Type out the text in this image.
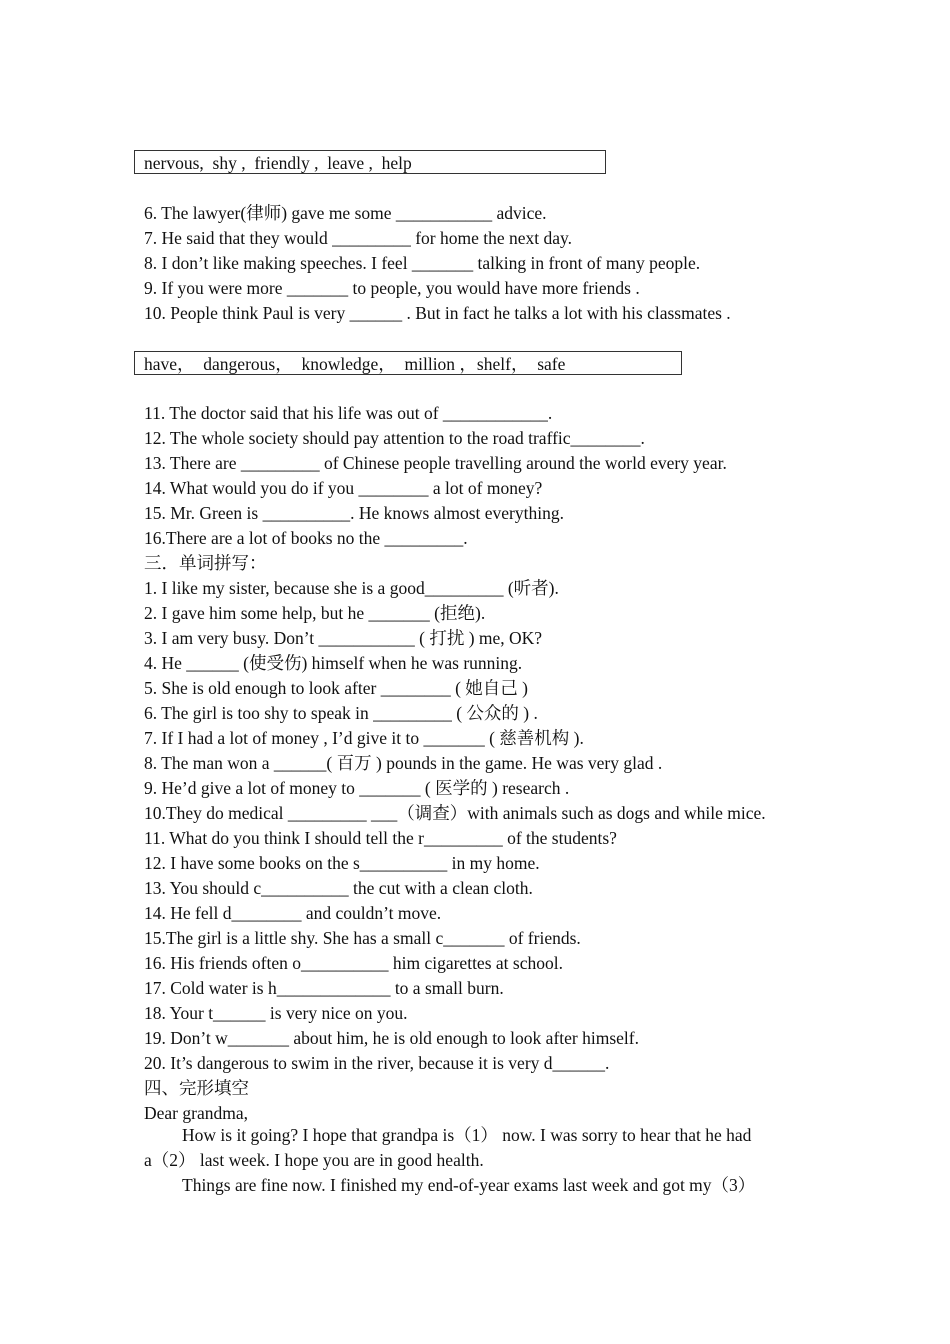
nervous,  shy ,  friendly ,  leave ,  help
6. The lawyer(律师) gave me some ___________ advice.
7. He said that they would _________ for home the next day.
8. I don’t like making speeches. I feel _______ talking in front of many people.
9. If you were more _______ to people, you would have more friends .
10. People think Paul is very ______ . But in fact he talks a lot with his classmates .
have，  dangerous，  knowledge，  million ，shelf，  safe
11. The doctor said that his life was out of ____________.
12. The whole society should pay attention to the road traffic________.
13. There are _________ of Chinese people travelling around the world every year.
14. What would you do if you ________ a lot of money?
15. Mr. Green is __________. He knows almost everything.
16.There are a lot of books no the _________.
三．单词拼写：
1. I like my sister, because she is a good_________ (听者).
2. I gave him some help, but he _______ (拒绝).
3. I am very busy. Don’t ___________ ( 打扰 ) me, OK?
4. He ______ (使受伤) himself when he was running.
5. She is old enough to look after ________ ( 她自己 )
6. The girl is too shy to speak in _________ ( 公众的 ) .
7. If I had a lot of money , I’d give it to _______ ( 慈善机构 ).
8. The man won a ______( 百万 ) pounds in the game. He was very glad .
9. He’d give a lot of money to _______ ( 医学的 ) research .
10.They do medical _________ ___（调查）with animals such as dogs and while mice.
11. What do you think I should tell the r_________ of the students?
12. I have some books on the s__________ in my home.
13. You should c__________ the cut with a clean cloth.
14. He fell d________ and couldn’t move.
15.The girl is a little shy. She has a small c_______ of friends.
16. His friends often o__________ him cigarettes at school.
17. Cold water is h_____________ to a small burn.
18. Your t______ is very nice on you.
19. Don’t w_______ about him, he is old enough to look after himself.
20. It’s dangerous to swim in the river, because it is very d______.
四、完形填空
Dear grandma,
How is it going? I hope that grandpa is（1） now. I was sorry to hear that he had
a（2） last week. I hope you are in good health.
Things are fine now. I finished my end-of-year exams last week and got my（3）
